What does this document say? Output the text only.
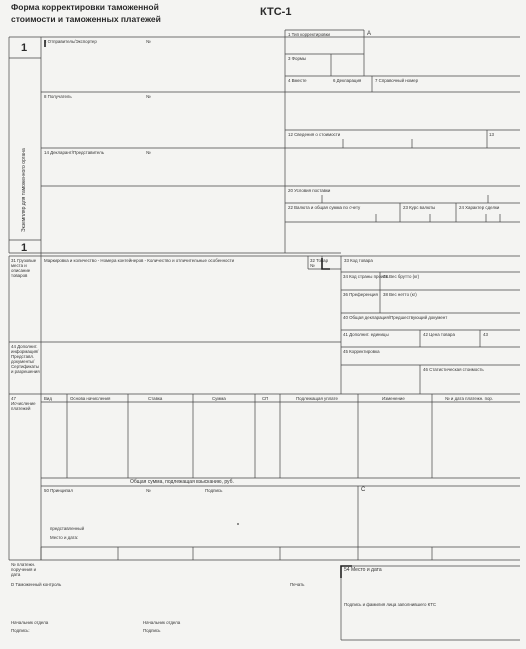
Форма корректировки таможенной
стоимости и таможенных платежей
КТС-1
1
1
Экземпляр для таможенного органа
1 Тип корректировки	A
3 Формы
4 Вместе	6 Декларация	7 Справочный номер
2 Отправитель/Экспортер	№
8 Получатель	№
12 Сведения о стоимости	13
14 Декларант/Представитель	№
20 Условия поставки
22 Валюта и общая сумма по счету	23 Курс валюты	24 Характер сделки
31 Грузовые места и описание товаров
Маркировка и количество - Номера контейнеров - Количество и отличительные особенности	32 Товар
№
33 Код товара
34 Код страны происх.
35 Вес брутто (кг)
36 Преференция 38 Вес нетто (кг)
40 Общая декларация/Предшествующий документ
41 Дополнит. единицы	42 Цена товара	43
44 Дополнит. информация/ Представл. документы/ Сертификаты и разрешения
45 Корректировка
46 Статистическая стоимость
47 Исчисление платежей
Вид	Основа начисления	Ставка	Сумма	СП	Подлежащая уплате	Изменение	№ и дата платежн. пор.
Общая сумма, подлежащая взысканию, руб.
50 Принципал	№	Подпись	C
представленный
Место и дата:
№ платежн. поручения и дата
54 Место и дата
D Таможенный контроль	Печать
Подпись и фамилия лица заполнившего КТС
Начальник отдела	Начальник отдела
Подпись:	Подпись
